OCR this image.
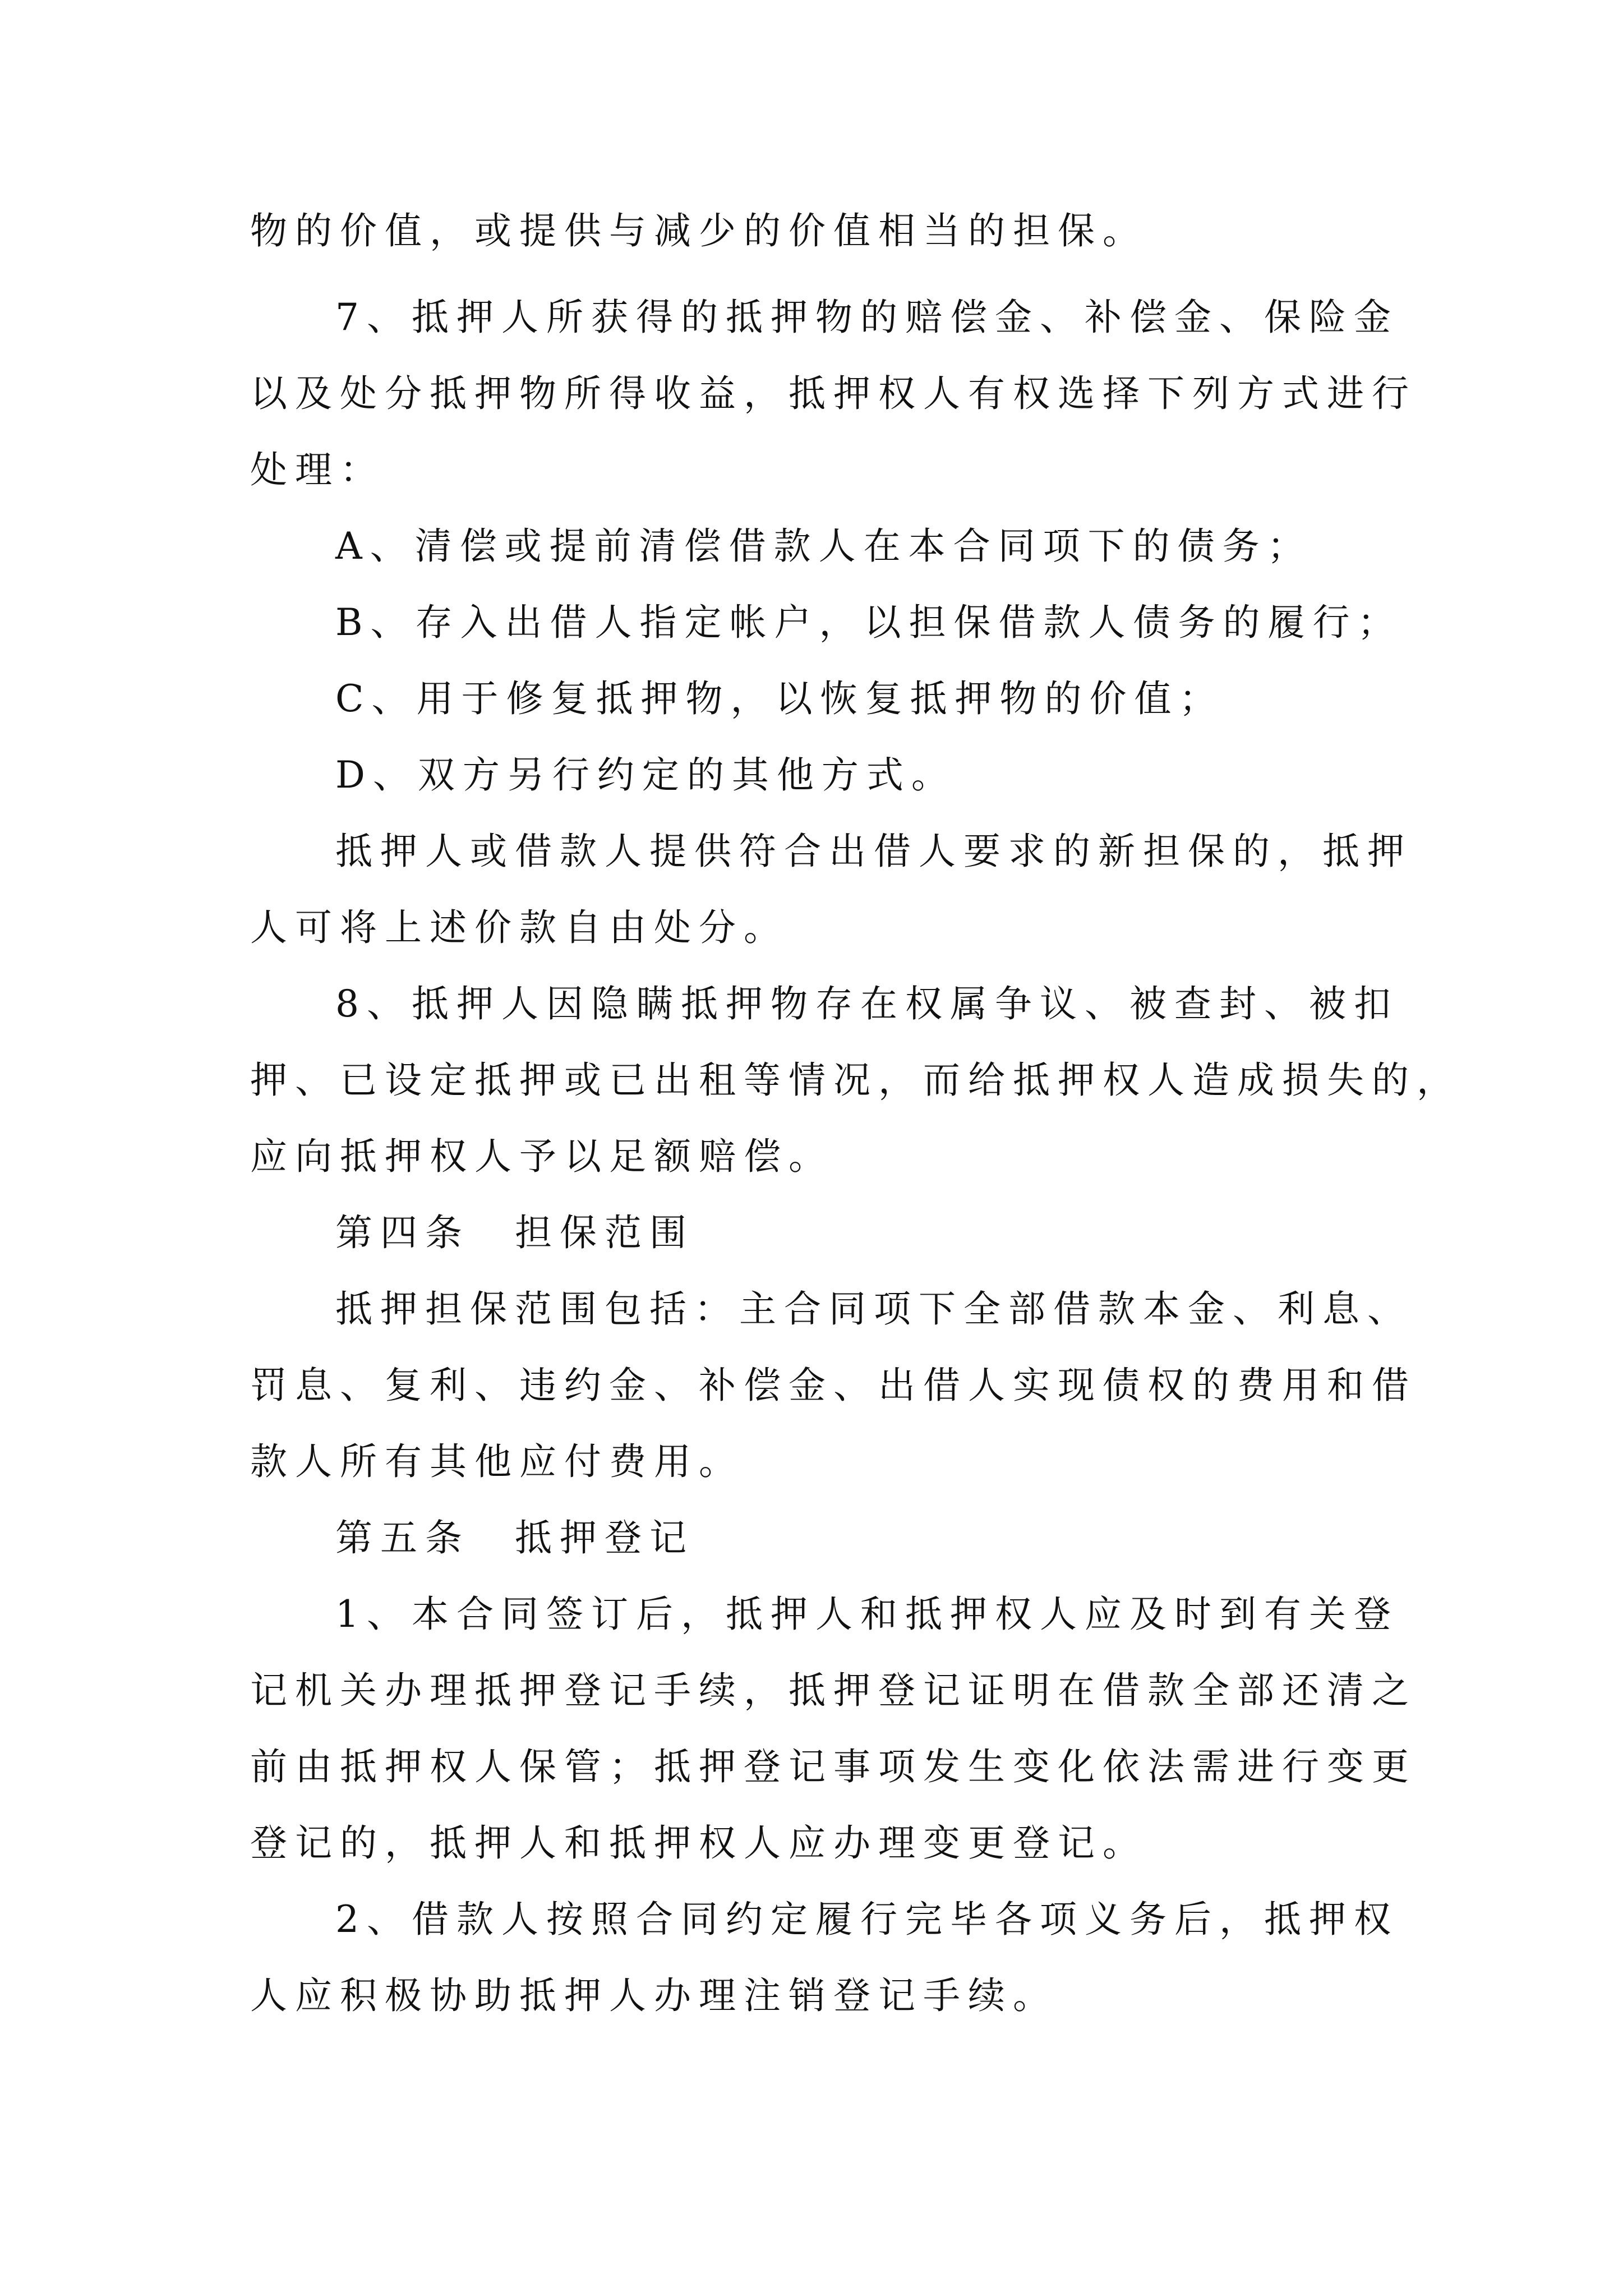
物的价值，或提供与减少的价值相当的担保。
7、抵押人所获得的抵押物的赔偿金、补偿金、保险金
以及处分抵押物所得收益，抵押权人有权选择下列方式进行
处理：
A、清偿或提前清偿借款人在本合同项下的债务；
B、存入出借人指定帐户，以担保借款人债务的履行；
C、用于修复抵押物，以恢复抵押物的价值；
D、双方另行约定的其他方式。
抵押人或借款人提供符合出借人要求的新担保的，抵押
人可将上述价款自由处分。
8、抵押人因隐瞒抵押物存在权属争议、被查封、被扣
押、已设定抵押或已出租等情况，而给抵押权人造成损失的，
应向抵押权人予以足额赔偿。
第四条　担保范围
抵押担保范围包括：主合同项下全部借款本金、利息、
罚息、复利、违约金、补偿金、出借人实现债权的费用和借
款人所有其他应付费用。
第五条　抵押登记
1、本合同签订后，抵押人和抵押权人应及时到有关登
记机关办理抵押登记手续，抵押登记证明在借款全部还清之
前由抵押权人保管；抵押登记事项发生变化依法需进行变更
登记的，抵押人和抵押权人应办理变更登记。
2、借款人按照合同约定履行完毕各项义务后，抵押权
人应积极协助抵押人办理注销登记手续。
